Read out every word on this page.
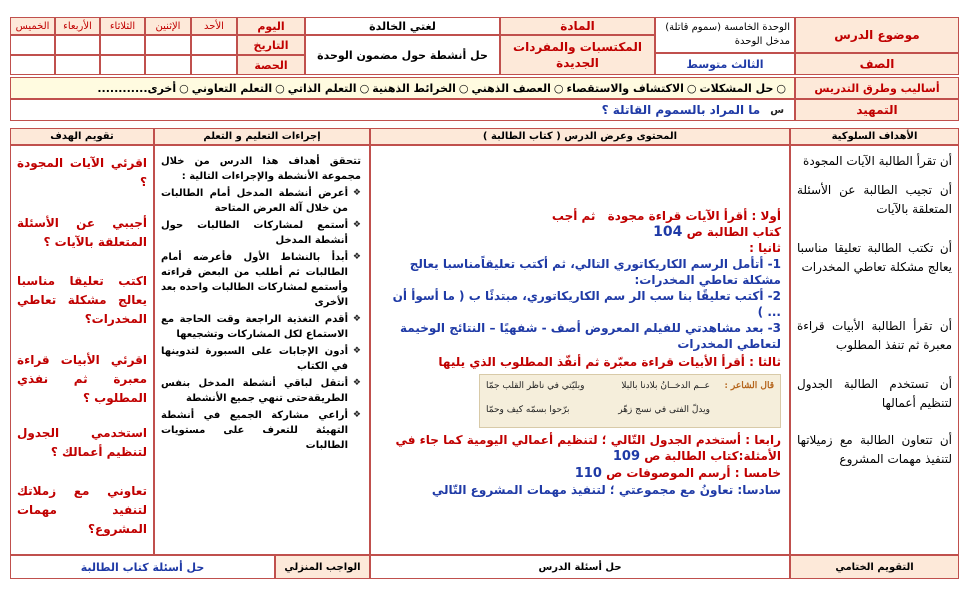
موضوع الدرس
الوحدة الخامسة (سموم قاتلة)
مدخل الوحدة
المادة
المكتسبات والمفردات الجديدة
لغتي الخالدة
حل أنشطة حول مضمون الوحدة
اليوم
التاريخ
الحصة
الأحد
الإثنين
الثلاثاء
الأربعاء
الخميس
الصف
الثالث متوسط
أساليب وطرق التدريس
○
حل المشكلات
○
الاكتشاف والاستقصاء
○
العصف الذهني
○
الخرائط الذهنية
○
التعلم الذاتي
○
التعلم التعاوني
○
أخرى............
التمهيد
س
ما المراد بالسموم القاتلة ؟
الأهداف السلوكية
المحتوى وعرض الدرس ( كتاب الطالبة )
إجراءات التعليم و التعلم
تقويم الهدف
أن تقرأ الطالبة الآيات المجودة
أن تجيب الطالبة عن الأسئلة المتعلقة بالآيات
أن تكتب الطالبة تعليقا مناسبا يعالج مشكلة تعاطي المخدرات
أن تقرأ الطالبة الأبيات قراءة معبرة ثم تنفذ المطلوب
أن تستخدم الطالبة الجدول لتنظيم أعمالها
أن تتعاون الطالبة مع زميلاتها لتنفيذ مهمات المشروع

أولا : أقرأ الآيات قراءة مجودة ثم أجب

كتاب الطالبة ص 104

ثانيا :

1- أتأمل الرسم الكاريكاتوري التالي، ثم أكتب تعليقاًمناسبا يعالج مشكلة تعاطي المخدرات:

2- أكتب تعليقًا بنا سب الر سم الكاريكاتوري، مبتدئًا ب ( ما أسوأ أن ... )

3- بعد مشاهدتي للفيلم المعروض أصف - شفهيًا – النتائج الوخيمة لتعاطي المخدرات

ثالثا : أقرأ الأبيات قراءة معبّرة ثم أنفّذ المطلوب الذي يليها

قال الشاعر :
عــم الدخــانُ بلادنا بالبلا
وبليّتي في ناظر القلب جمّا
ويدلّ الفتى في نسج زهّر
برّحوا بسمّه كيف وحمّا

رابعا : أستخدم الجدول التّالي ؛ لتنظيم أعمالي اليومية كما جاء في الأمثلة:كتاب الطالبة ص 109

خامسا : أرسم الموصوفات ص 110

سادسا: تعاونُ مع مجموعتي ؛ لتنفيذ مهمات المشروع التّالي

تتحقق أهداف هذا الدرس من خلال مجموعة الأنشطة والإجراءات التالية :
❖ أعرض أنشطة المدخل أمام الطالبات من خلال آلة العرض المتاحة
❖ أستمع لمشاركات الطالبات حول أنشطة المدخل
❖ أبدأ بالنشاط الأول فأعرضه أمام الطالبات ثم أطلب من البعض قراءته وأستمع لمشاركات الطالبات واحده بعد الأخرى
❖ أقدم التغذية الراجعة وقت الحاجة مع الاستماع لكل المشاركات وتشجيعها
❖ أدون الإجابات على السبورة لتدوينها في الكتاب
❖ أنتقل لباقي أنشطة المدخل بنفس الطريقةحتى تنهي جميع الأنشطة
❖ أراعي مشاركة الجميع في أنشطة التهيئة للتعرف على مستويات الطالبات
اقرئي الآيات المجودة ؟
أجيبي عن الأسئلة المتعلقة بالآيات ؟
اكتب تعليقا مناسبا يعالج مشكلة تعاطي المخدرات؟
اقرئي الأبيات قراءة معبرة ثم نفذي المطلوب ؟
استخدمي الجدول لتنظيم أعمالك ؟
تعاوني مع زملاتك لتنفيد مهمات المشروع؟
التقويم الختامي
حل أسئلة الدرس
الواجب المنزلي
حل أسئلة كتاب الطالبة
